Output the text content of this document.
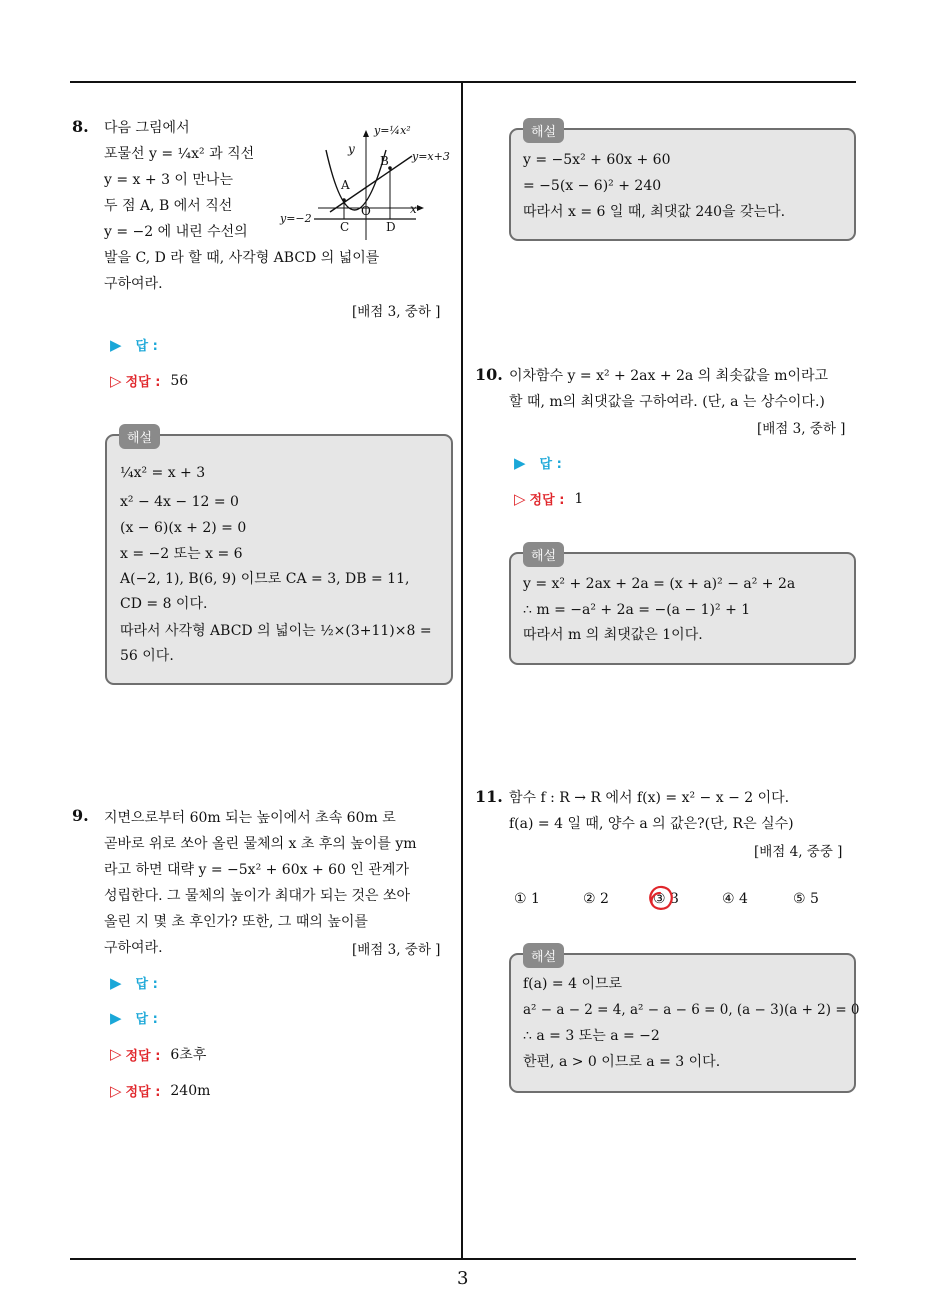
8. 다음 그림에서
포물선 y = ¼x² 과 직선
y = x + 3 이 만나는
두 점 A, B 에서 직선
y = −2 에 내린 수선의
발을 C, D 라 할 때, 사각형 ABCD 의 넓이를
구하여라.
[배점 3, 중하 ]
y=¼x²
y=x+3
y=−2
y
x
O
A
B
C	D
▶ 답 :
▷ 정답 : 56
해설
¼x² = x + 3
x² − 4x − 12 = 0
(x − 6)(x + 2) = 0
x = −2 또는 x = 6
A(−2, 1), B(6, 9) 이므로 CA = 3, DB = 11,
CD = 8 이다.
따라서 사각형 ABCD 의 넓이는 ½×(3+11)×8 =
56 이다.
9. 지면으로부터 60m 되는 높이에서 초속 60m 로
곧바로 위로 쏘아 올린 물체의 x 초 후의 높이를 ym
라고 하면 대략 y = −5x² + 60x + 60 인 관계가
성립한다. 그 물체의 높이가 최대가 되는 것은 쏘아
올린 지 몇 초 후인가? 또한, 그 때의 높이를
구하여라.	[배점 3, 중하 ]
▶ 답 :
▶ 답 :
▷ 정답 : 6초후
▷ 정답 : 240m
해설
y = −5x² + 60x + 60
= −5(x − 6)² + 240
따라서 x = 6 일 때, 최댓값 240을 갖는다.
10. 이차함수 y = x² + 2ax + 2a 의 최솟값을 m이라고
할 때, m의 최댓값을 구하여라. (단, a 는 상수이다.)
[배점 3, 중하 ]
▶ 답 :
▷ 정답 : 1
해설
y = x² + 2ax + 2a = (x + a)² − a² + 2a
∴ m = −a² + 2a = −(a − 1)² + 1
따라서 m 의 최댓값은 1이다.
11. 함수 f : R → R 에서 f(x) = x² − x − 2 이다.
f(a) = 4 일 때, 양수 a 의 값은?(단, R은 실수)
[배점 4, 중중 ]
① 1	② 2	③ 3	④ 4	⑤ 5
해설
f(a) = 4 이므로
a² − a − 2 = 4, a² − a − 6 = 0, (a − 3)(a + 2) = 0
∴ a = 3 또는 a = −2
한편, a > 0 이므로 a = 3 이다.
3
